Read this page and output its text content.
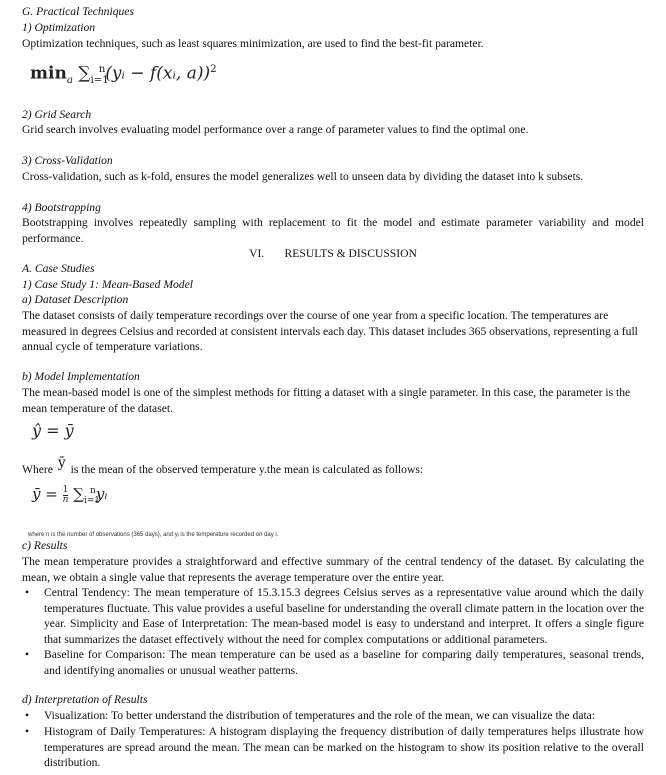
G. Practical Techniques

1) Optimization

Optimization techniques, such as least squares minimization, are used to find the best-fit parameter.

$\min_a$ $\sum_{i=1}^n(yᵢ$ − f(xᵢ, a))$^2$

2) Grid Search

Grid search involves evaluating model performance over a range of parameter values to find the optimal one.

3) Cross-Validation

Cross-validation, such as k-fold, ensures the model generalizes well to unseen data by dividing the dataset into k subsets.

4) Bootstrapping

Bootstrapping involves repeatedly sampling with replacement to fit the model and estimate parameter variability and model performance.

VI.       RESULTS & DISCUSSION

A. Case Studies

1) Case Study 1: Mean-Based Model

a) Dataset Description

The dataset consists of daily temperature recordings over the course of one year from a specific location. The temperatures are measured in degrees Celsius and recorded at consistent intervals each day. This dataset includes 365 observations, representing a full annual cycle of temperature variations.

b) Model Implementation

The mean-based model is one of the simplest methods for fitting a dataset with a single parameter. In this case, the parameter is the mean temperature of the dataset.

ŷ = ȳ
Where ȳ is the mean of the observed temperature y.the mean is calculated as follows:
ȳ = $\frac{1}{n}$ $\sum_{i=1}^nyᵢ$

where n is the number of observations (365 days), and yᵢ is the temperature recorded on day i.

c) Results

The mean temperature provides a straightforward and effective summary of the central tendency of the dataset. By calculating the mean, we obtain a single value that represents the average temperature over the entire year.

• Central Tendency: The mean temperature of 15.3.15.3 degrees Celsius serves as a representative value around which the daily temperatures fluctuate. This value provides a useful baseline for understanding the overall climate pattern in the location over the year. Simplicity and Ease of Interpretation: The mean-based model is easy to understand and interpret. It offers a single figure that summarizes the dataset effectively without the need for complex computations or additional parameters.

• Baseline for Comparison: The mean temperature can be used as a baseline for comparing daily temperatures, seasonal trends, and identifying anomalies or unusual weather patterns.

d) Interpretation of Results

• Visualization: To better understand the distribution of temperatures and the role of the mean, we can visualize the data:

• Histogram of Daily Temperatures: A histogram displaying the frequency distribution of daily temperatures helps illustrate how temperatures are spread around the mean. The mean can be marked on the histogram to show its position relative to the overall distribution.
